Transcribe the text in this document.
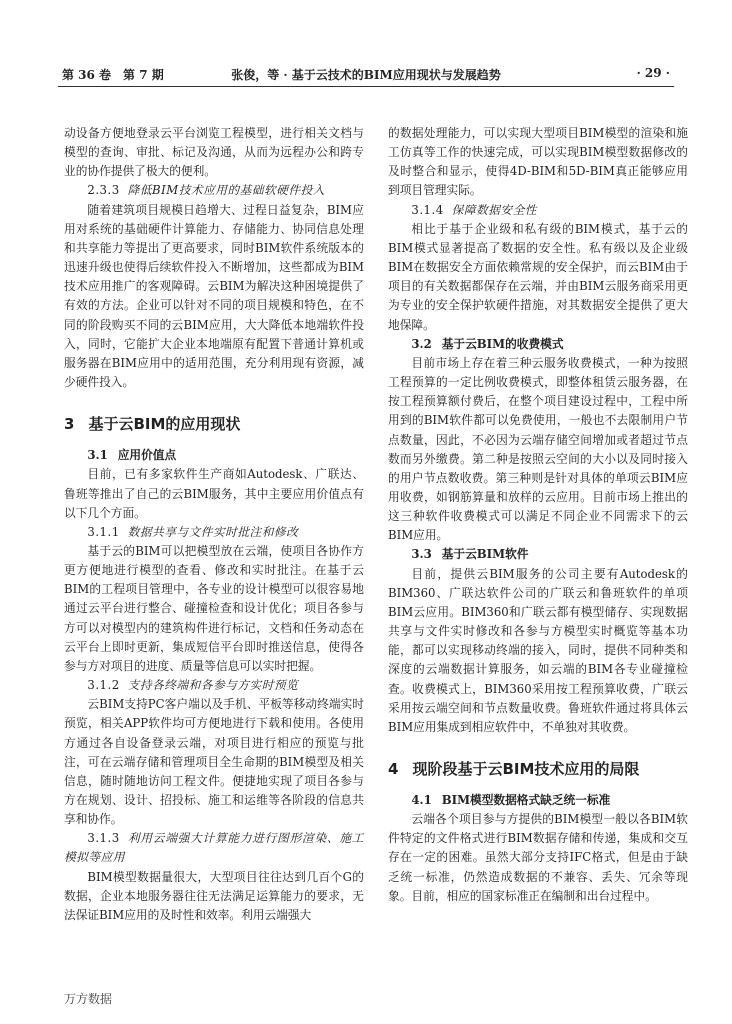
第 36 卷　第 7 期	张俊，等 · 基于云技术的BIM应用现状与发展趋势	· 29 ·

动设备方便地登录云平台浏览工程模型，进行相关文档与模型的查询、审批、标记及沟通，从而为远程办公和跨专业的协作提供了极大的便利。

2.3.3 降低BIM技术应用的基础软硬件投入

随着建筑项目规模日趋增大、过程日益复杂，BIM应用对系统的基础硬件计算能力、存储能力、协同信息处理和共享能力等提出了更高要求，同时BIM软件系统版本的迅速升级也使得后续软件投入不断增加，这些都成为BIM技术应用推广的客观障碍。云BIM为解决这种困境提供了有效的方法。企业可以针对不同的项目规模和特色，在不同的阶段购买不同的云BIM应用，大大降低本地端软件投入，同时，它能扩大企业本地端原有配置下普通计算机或服务器在BIM应用中的适用范围，充分利用现有资源，减少硬件投入。

3 基于云BIM的应用现状

3.1 应用价值点

目前，已有多家软件生产商如Autodesk、广联达、鲁班等推出了自己的云BIM服务，其中主要应用价值点有以下几个方面。

3.1.1 数据共享与文件实时批注和修改

基于云的BIM可以把模型放在云端，使项目各协作方更方便地进行模型的查看、修改和实时批注。在基于云BIM的工程项目管理中，各专业的设计模型可以很容易地通过云平台进行整合、碰撞检查和设计优化；项目各参与方可以对模型内的建筑构件进行标记，文档和任务动态在云平台上即时更新，集成短信平台即时推送信息，使得各参与方对项目的进度、质量等信息可以实时把握。

3.1.2 支持各终端和各参与方实时预览

云BIM支持PC客户端以及手机、平板等移动终端实时预览，相关APP软件均可方便地进行下载和使用。各使用方通过各自设备登录云端，对项目进行相应的预览与批注，可在云端存储和管理项目全生命期的BIM模型及相关信息，随时随地访问工程文件。便捷地实现了项目各参与方在规划、设计、招投标、施工和运维等各阶段的信息共享和协作。

3.1.3 利用云端强大计算能力进行图形渲染、施工模拟等应用

BIM模型数据量很大，大型项目往往达到几百个G的数据，企业本地服务器往往无法满足运算能力的要求，无法保证BIM应用的及时性和效率。利用云端强大

的数据处理能力，可以实现大型项目BIM模型的渲染和施工仿真等工作的快速完成，可以实现BIM模型数据修改的及时整合和显示，使得4D-BIM和5D-BIM真正能够应用到项目管理实际。

3.1.4 保障数据安全性

相比于基于企业级和私有级的BIM模式，基于云的BIM模式显著提高了数据的安全性。私有级以及企业级BIM在数据安全方面依赖常规的安全保护，而云BIM由于项目的有关数据都保存在云端，并由BIM云服务商采用更为专业的安全保护软硬件措施，对其数据安全提供了更大地保障。

3.2 基于云BIM的收费模式

目前市场上存在着三种云服务收费模式，一种为按照工程预算的一定比例收费模式，即整体租赁云服务器，在按工程预算额付费后，在整个项目建设过程中，工程中所用到的BIM软件都可以免费使用，一般也不去限制用户节点数量，因此，不必因为云端存储空间增加或者超过节点数而另外缴费。第二种是按照云空间的大小以及同时接入的用户节点数收费。第三种则是针对具体的单项云BIM应用收费，如钢筋算量和放样的云应用。目前市场上推出的这三种软件收费模式可以满足不同企业不同需求下的云BIM应用。

3.3 基于云BIM软件

目前，提供云BIM服务的公司主要有Autodesk的BIM360、广联达软件公司的广联云和鲁班软件的单项BIM云应用。BIM360和广联云都有模型储存、实现数据共享与文件实时修改和各参与方模型实时概览等基本功能，都可以实现移动终端的接入，同时，提供不同种类和深度的云端数据计算服务，如云端的BIM各专业碰撞检查。收费模式上，BIM360采用按工程预算收费，广联云采用按云端空间和节点数量收费。鲁班软件通过将具体云BIM应用集成到相应软件中，不单独对其收费。

4 现阶段基于云BIM技术应用的局限

4.1 BIM模型数据格式缺乏统一标准

云端各个项目参与方提供的BIM模型一般以各BIM软件特定的文件格式进行BIM数据存储和传递，集成和交互存在一定的困难。虽然大部分支持IFC格式，但是由于缺乏统一标准，仍然造成数据的不兼容、丢失、冗余等现象。目前，相应的国家标准正在编制和出台过程中。

万方数据
